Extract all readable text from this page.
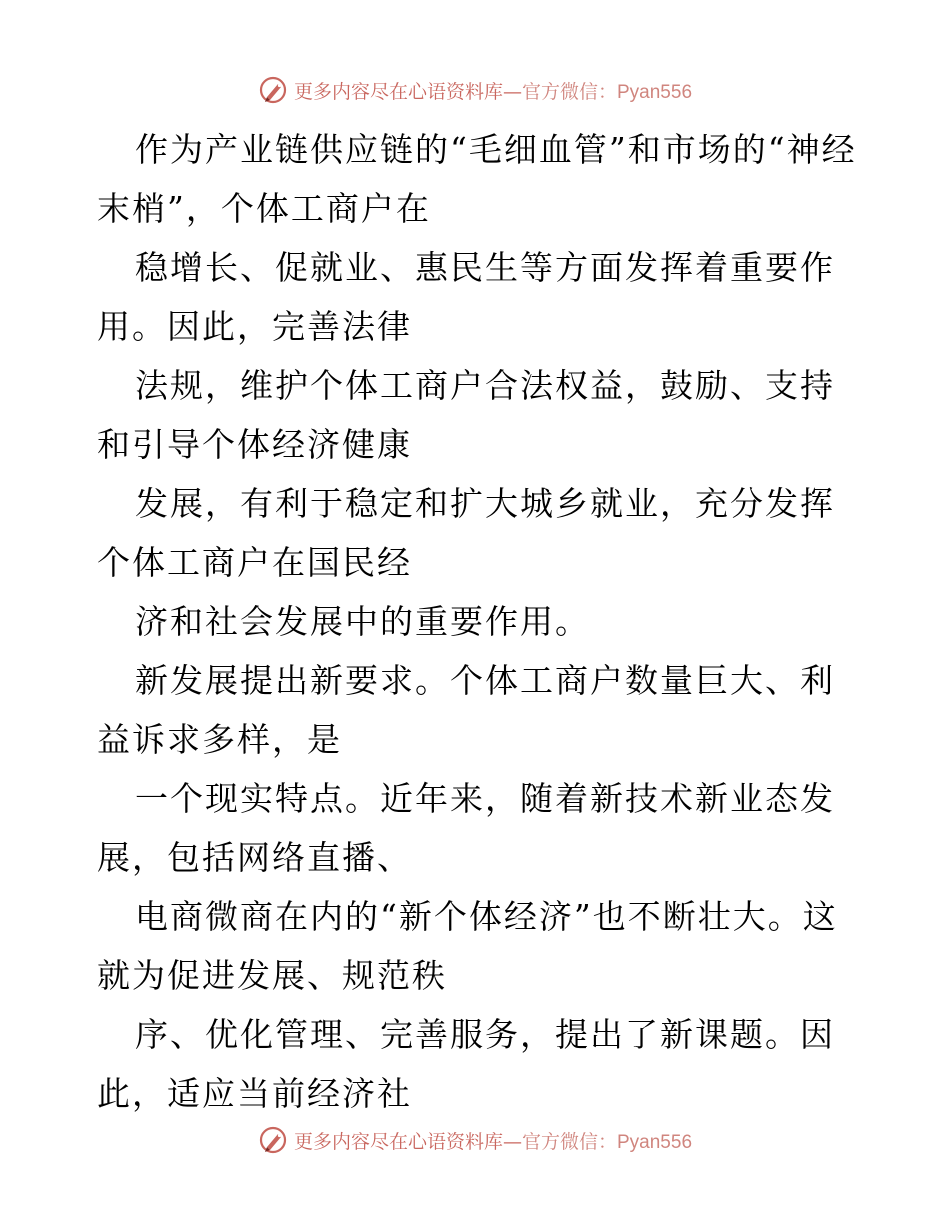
更多内容尽在心语资料库— 官方微信：Pyan556

作为产业链供应链的“毛细血管”和市场的“神经末梢”，个体工商户在

稳增长、促就业、惠民生等方面发挥着重要作用。因此，完善法律

法规，维护个体工商户合法权益，鼓励、支持和引导个体经济健康

发展，有利于稳定和扩大城乡就业，充分发挥个体工商户在国民经

济和社会发展中的重要作用。

新发展提出新要求。个体工商户数量巨大、利益诉求多样，是

一个现实特点。近年来，随着新技术新业态发展，包括网络直播、

电商微商在内的“新个体经济”也不断壮大。这就为促进发展、规范秩

序、优化管理、完善服务，提出了新课题。因此，适应当前经济社

更多内容尽在心语资料库— 官方微信：Pyan556
